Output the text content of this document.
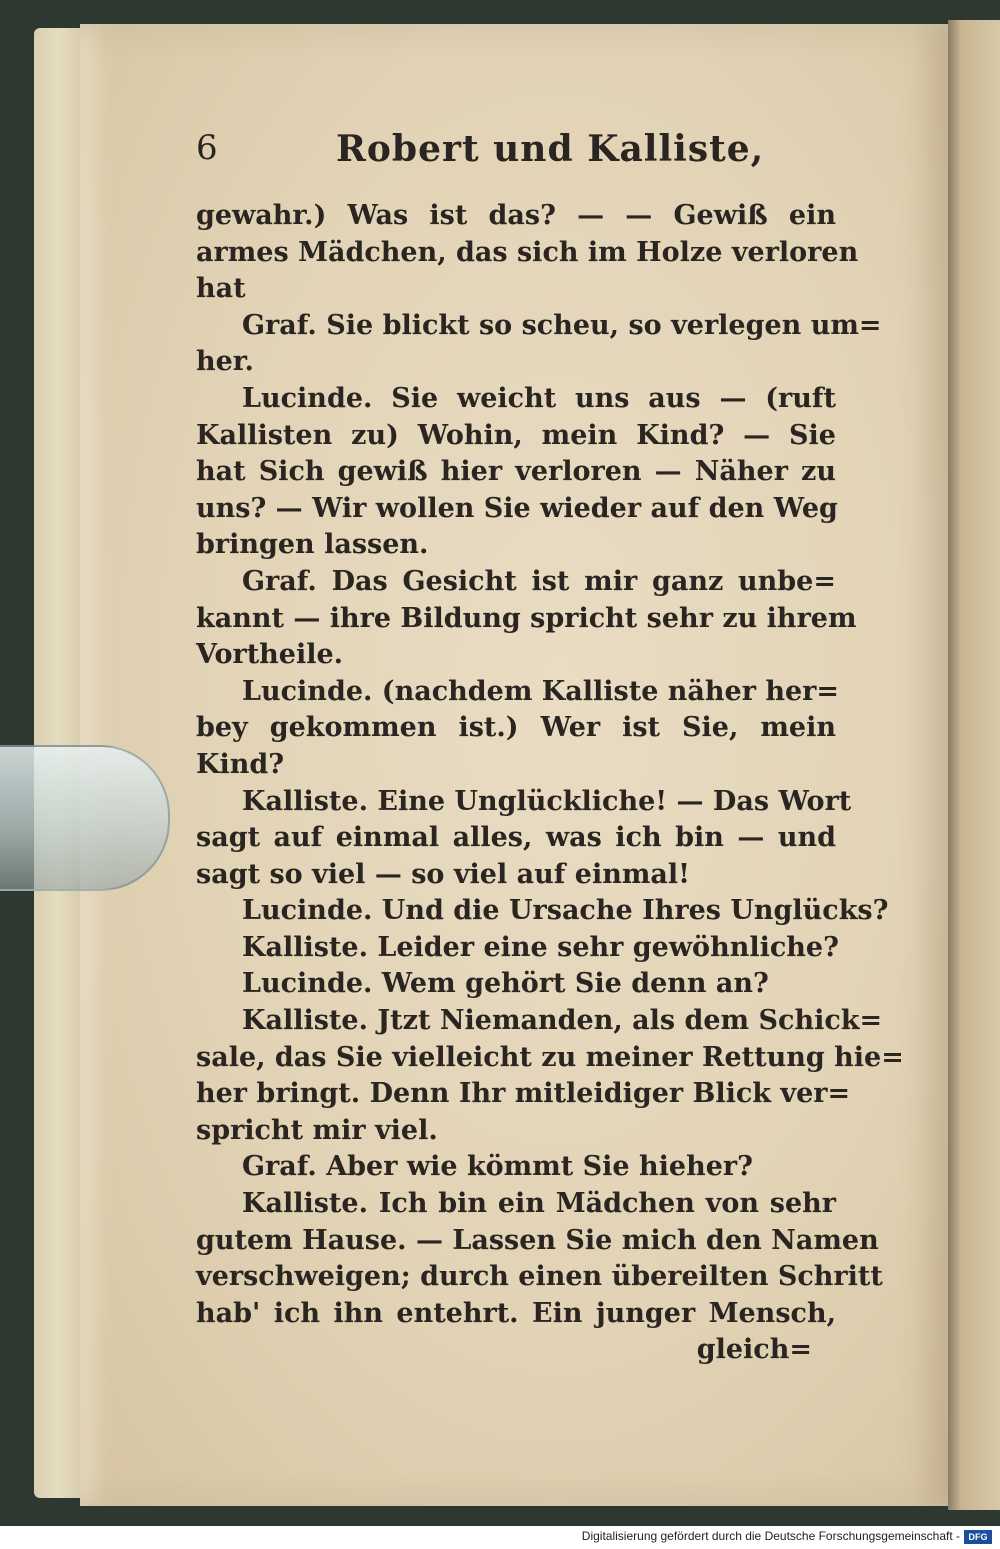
6	Robert und Kalliste,
gewahr.) Was ist das? — — Gewiß ein
armes Mädchen, das sich im Holze verloren
hat
Graf. Sie blickt so scheu, so verlegen um=
her.
Lucinde. Sie weicht uns aus — (ruft
Kallisten zu) Wohin, mein Kind? — Sie
hat Sich gewiß hier verloren — Näher zu
uns? — Wir wollen Sie wieder auf den Weg
bringen lassen.
Graf. Das Gesicht ist mir ganz unbe=
kannt — ihre Bildung spricht sehr zu ihrem
Vortheile.
Lucinde. (nachdem Kalliste näher her=
bey gekommen ist.) Wer ist Sie, mein
Kind?
Kalliste. Eine Unglückliche! — Das Wort
sagt auf einmal alles, was ich bin — und
sagt so viel — so viel auf einmal!
Lucinde. Und die Ursache Ihres Unglücks?
Kalliste. Leider eine sehr gewöhnliche?
Lucinde. Wem gehört Sie denn an?
Kalliste. Jtzt Niemanden, als dem Schick=
sale, das Sie vielleicht zu meiner Rettung hie=
her bringt. Denn Ihr mitleidiger Blick ver=
spricht mir viel.
Graf. Aber wie kömmt Sie hieher?
Kalliste. Ich bin ein Mädchen von sehr
gutem Hause. — Lassen Sie mich den Namen
verschweigen; durch einen übereilten Schritt
hab' ich ihn entehrt. Ein junger Mensch,
gleich=
Digitalisierung gefördert durch die Deutsche Forschungsgemeinschaft - DFG
